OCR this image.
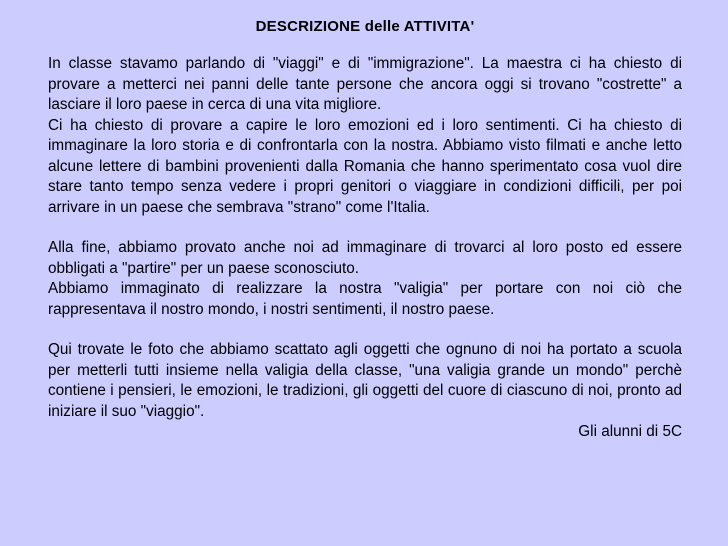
DESCRIZIONE delle ATTIVITA'

In classe stavamo parlando di "viaggi" e di "immigrazione". La maestra ci ha chiesto di provare a metterci nei panni delle tante persone che ancora oggi si trovano "costrette" a lasciare il loro paese in cerca di una vita migliore.

Ci ha chiesto di provare a capire le loro emozioni ed i loro sentimenti. Ci ha chiesto di immaginare la loro storia e di confrontarla con la nostra. Abbiamo visto filmati e anche letto alcune lettere di bambini provenienti dalla Romania che hanno sperimentato cosa vuol dire stare tanto tempo senza vedere i propri genitori o viaggiare in condizioni difficili, per poi arrivare in un paese che sembrava "strano" come l'Italia.

Alla fine, abbiamo provato anche noi ad immaginare di trovarci al loro posto ed essere obbligati a "partire" per un paese sconosciuto.

Abbiamo immaginato di realizzare la nostra "valigia" per portare con noi ciò che rappresentava il nostro mondo, i nostri sentimenti, il nostro paese.

Qui trovate le foto che abbiamo scattato agli oggetti che ognuno di noi ha portato a scuola per metterli tutti insieme nella valigia della classe, "una valigia grande un mondo" perchè contiene i pensieri, le emozioni, le tradizioni, gli oggetti del cuore di ciascuno di noi, pronto ad iniziare il suo "viaggio".

Gli alunni di 5C
